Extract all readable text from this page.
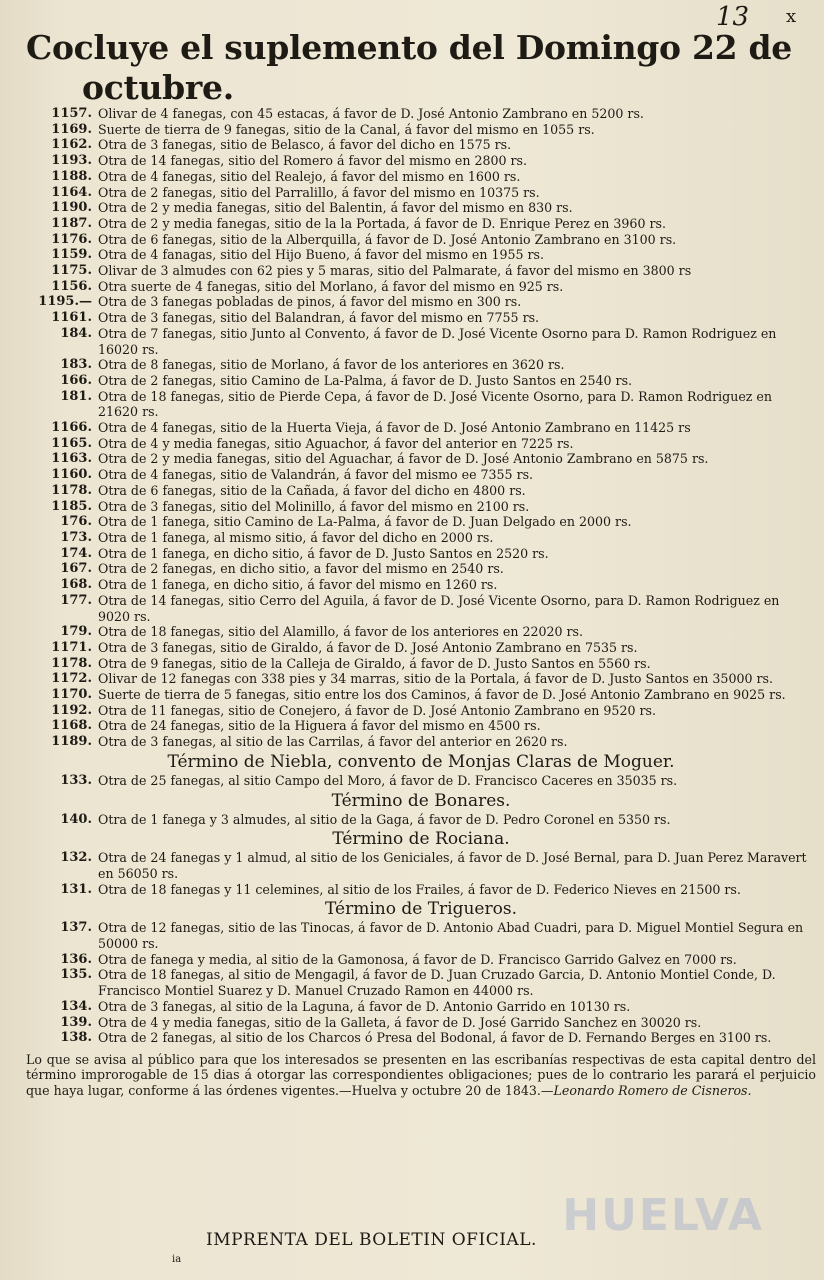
13 x
Cocluye el suplemento del Domingo 22 de
octubre.
1157. Olivar de 4 fanegas, con 45 estacas, á favor de D. José Antonio Zambrano en 5200 rs.
1169. Suerte de tierra de 9 fanegas, sitio de la Canal, á favor del mismo en 1055 rs.
1162. Otra de 3 fanegas, sitio de Belasco, á favor del dicho en 1575 rs.
1193. Otra de 14 fanegas, sitio del Romero á favor del mismo en 2800 rs.
1188. Otra de 4 fanegas, sitio del Realejo, á favor del mismo en 1600 rs.
1164. Otra de 2 fanegas, sitio del Parralillo, á favor del mismo en 10375 rs.
1190. Otra de 2 y media fanegas, sitio del Balentin, á favor del mismo en 830 rs.
1187. Otra de 2 y media fanegas, sitio de la la Portada, á favor de D. Enrique Perez en 3960 rs.
1176. Otra de 6 fanegas, sitio de la Alberquilla, á favor de D. José Antonio Zambrano en 3100 rs.
1159. Otra de 4 fanagas, sitio del Hijo Bueno, á favor del mismo en 1955 rs.
1175. Olivar de 3 almudes con 62 pies y 5 maras, sitio del Palmarate, á favor del mismo en 3800 rs
1156. Otra suerte de 4 fanegas, sitio del Morlano, á favor del mismo en 925 rs.
1195.— Otra de 3 fanegas pobladas de pinos, á favor del mismo en 300 rs.
1161. Otra de 3 fanegas, sitio del Balandran, á favor del mismo en 7755 rs.
184. Otra de 7 fanegas, sitio Junto al Convento, á favor de D. José Vicente Osorno para D. Ramon Rodriguez en 16020 rs.
183. Otra de 8 fanegas, sitio de Morlano, á favor de los anteriores en 3620 rs.
166. Otra de 2 fanegas, sitio Camino de La-Palma, á favor de D. Justo Santos en 2540 rs.
181. Otra de 18 fanegas, sitio de Pierde Cepa, á favor de D. José Vicente Osorno, para D. Ramon Rodriguez en 21620 rs.
1166. Otra de 4 fanegas, sitio de la Huerta Vieja, á favor de D. José Antonio Zambrano en 11425 rs
1165. Otra de 4 y media fanegas, sitio Aguachor, á favor del anterior en 7225 rs.
1163. Otra de 2 y media fanegas, sitio del Aguachar, á favor de D. José Antonio Zambrano en 5875 rs.
1160. Otra de 4 fanegas, sitio de Valandrán, á favor del mismo ee 7355 rs.
1178. Otra de 6 fanegas, sitio de la Cañada, á favor del dicho en 4800 rs.
1185. Otra de 3 fanegas, sitio del Molinillo, á favor del mismo en 2100 rs.
176. Otra de 1 fanega, sitio Camino de La-Palma, á favor de D. Juan Delgado en 2000 rs.
173. Otra de 1 fanega, al mismo sitio, á favor del dicho en 2000 rs.
174. Otra de 1 fanega, en dicho sitio, á favor de D. Justo Santos en 2520 rs.
167. Otra de 2 fanegas, en dicho sitio, a favor del mismo en 2540 rs.
168. Otra de 1 fanega, en dicho sitio, á favor del mismo en 1260 rs.
177. Otra de 14 fanegas, sitio Cerro del Aguila, á favor de D. José Vicente Osorno, para D. Ramon Rodriguez en 9020 rs.
179. Otra de 18 fanegas, sitio del Alamillo, á favor de los anteriores en 22020 rs.
1171. Otra de 3 fanegas, sitio de Giraldo, á favor de D. José Antonio Zambrano en 7535 rs.
1178. Otra de 9 fanegas, sitio de la Calleja de Giraldo, á favor de D. Justo Santos en 5560 rs.
1172. Olivar de 12 fanegas con 338 pies y 34 marras, sitio de la Portala, á favor de D. Justo Santos en 35000 rs.
1170. Suerte de tierra de 5 fanegas, sitio entre los dos Caminos, á favor de D. José Antonio Zambrano en 9025 rs.
1192. Otra de 11 fanegas, sitio de Conejero, á favor de D. José Antonio Zambrano en 9520 rs.
1168. Otra de 24 fanegas, sitio de la Higuera á favor del mismo en 4500 rs.
1189. Otra de 3 fanegas, al sitio de las Carrilas, á favor del anterior en 2620 rs.
Término de Niebla, convento de Monjas Claras de Moguer.
133. Otra de 25 fanegas, al sitio Campo del Moro, á favor de D. Francisco Caceres en 35035 rs.
Término de Bonares.
140. Otra de 1 fanega y 3 almudes, al sitio de la Gaga, á favor de D. Pedro Coronel en 5350 rs.
Término de Rociana.
132. Otra de 24 fanegas y 1 almud, al sitio de los Geniciales, á favor de D. José Bernal, para D. Juan Perez Maravert en 56050 rs.
131. Otra de 18 fanegas y 11 celemines, al sitio de los Frailes, á favor de D. Federico Nieves en 21500 rs.
Término de Trigueros.
137. Otra de 12 fanegas, sitio de las Tinocas, á favor de D. Antonio Abad Cuadri, para D. Miguel Montiel Segura en 50000 rs.
136. Otra de fanega y media, al sitio de la Gamonosa, á favor de D. Francisco Garrido Galvez en 7000 rs.
135. Otra de 18 fanegas, al sitio de Mengagil, á favor de D. Juan Cruzado Garcia, D. Antonio Montiel Conde, D. Francisco Montiel Suarez y D. Manuel Cruzado Ramon en 44000 rs.
134. Otra de 3 fanegas, al sitio de la Laguna, á favor de D. Antonio Garrido en 10130 rs.
139. Otra de 4 y media fanegas, sitio de la Galleta, á favor de D. José Garrido Sanchez en 30020 rs.
138. Otra de 2 fanegas, al sitio de los Charcos ó Presa del Bodonal, á favor de D. Fernando Berges en 3100 rs.
Lo que se avisa al público para que los interesados se presenten en las escribanías respectivas de esta capital dentro del término improrogable de 15 dias á otorgar las correspondientes obligaciones; pues de lo contrario les parará el perjuicio que haya lugar, conforme á las órdenes vigentes.—Huelva y octubre 20 de 1843.—Leonardo Romero de Cisneros.
HUELVA
IMPRENTA DEL BOLETIN OFICIAL.
ia
